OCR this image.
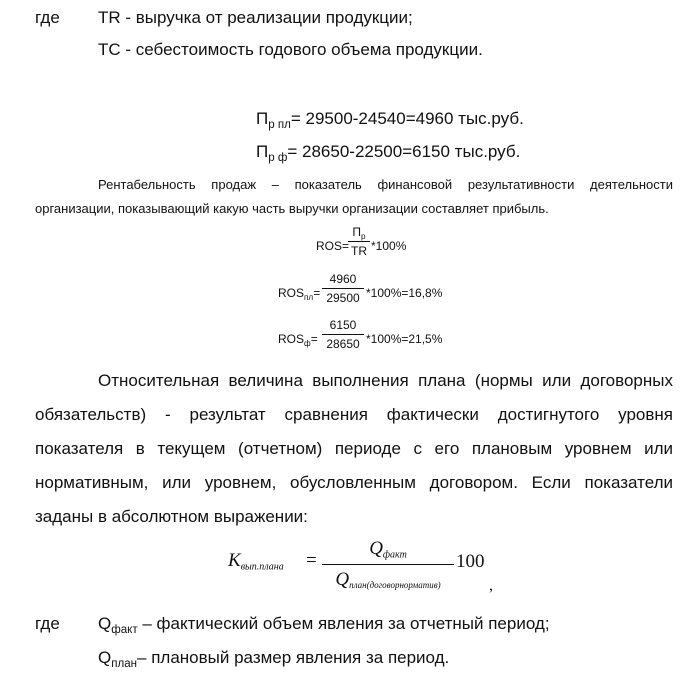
где TR - выручка от реализации продукции;
TC - себестоимость годового объема продукции.
$П_{р пл}= 29500-24540=4960$ тыс.руб.
$П_{р ф}= 28650-22500=6150$ тыс.руб.
Рентабельность продаж – показатель финансовой результативности деятельности
организации, показывающий какую часть выручки организации составляет прибыль.
ROS=
$П_р$
TR *100%
$ROS_{пл}=$
4960
29500 *100%=16,8%
$ROS_ф=$
6150
28650 *100%=21,5%
Относительная величина выполнения плана (нормы или договорных
обязательств) - результат сравнения фактически достигнутого уровня
показателя в текущем (отчетном) периоде с его плановым уровнем или
нормативным, или уровнем, обусловленным договором. Если показатели
заданы в абсолютном выражении:
$K_{вып.плана}$ =
$Q_{факт}$
$Q_{план(договорнорматив)}$
100
,
где $Q_{факт}$ – фактический объем явления за отчетный период;
$Q_{план}-$ плановый размер явления за период.
